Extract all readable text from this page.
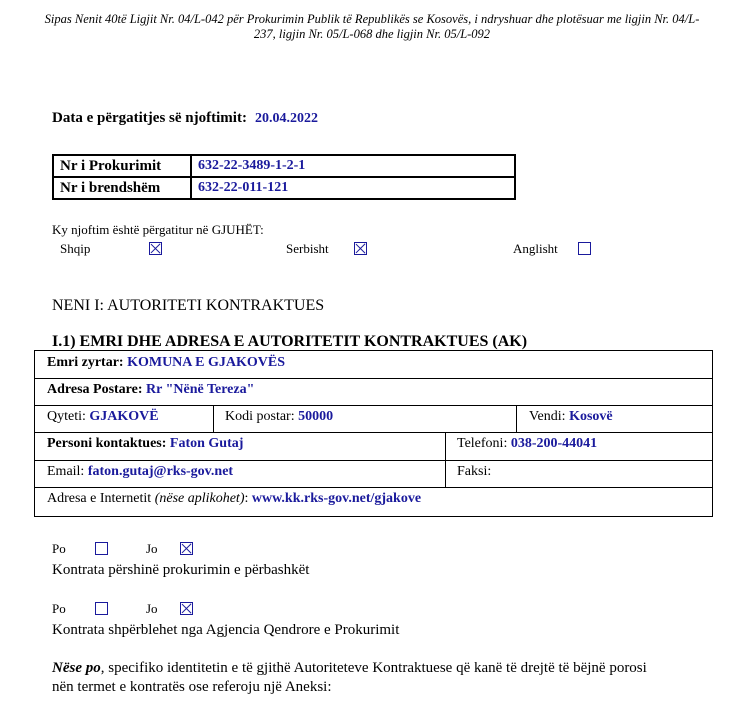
Sipas Nenit 40të Ligjit Nr. 04/L-042 për Prokurimin Publik të Republikës se Kosovës, i ndryshuar dhe plotësuar me ligjin Nr. 04/L-237, ligjin Nr. 05/L-068 dhe ligjin Nr. 05/L-092
Data e përgatitjes së njoftimit: 20.04.2022
Nr i Prokurimit	632-22-3489-1-2-1
Nr i brendshëm	632-22-011-121
Ky njoftim është përgatitur në GJUHËT:
Shqip	Serbisht	Anglisht
NENI I: AUTORITETI KONTRAKTUES
I.1) EMRI DHE ADRESA E AUTORITETIT KONTRAKTUES (AK)
Emri zyrtar: KOMUNA E GJAKOVËS
Adresa Postare: Rr "Nënë Tereza"
Qyteti: GJAKOVË	Kodi postar: 50000	Vendi: Kosovë
Personi kontaktues: Faton Gutaj	Telefoni: 038-200-44041
Email: faton.gutaj@rks-gov.net	Faksi:
Adresa e Internetit (nëse aplikohet): www.kk.rks-gov.net/gjakove
Po	Jo
Kontrata përshinë prokurimin e përbashkët
Po	Jo
Kontrata shpërblehet nga Agjencia Qendrore e Prokurimit
Nëse po, specifiko identitetin e të gjithë Autoriteteve Kontraktuese që kanë të drejtë të bëjnë porosi
nën termet e kontratës ose referoju një Aneksi:
